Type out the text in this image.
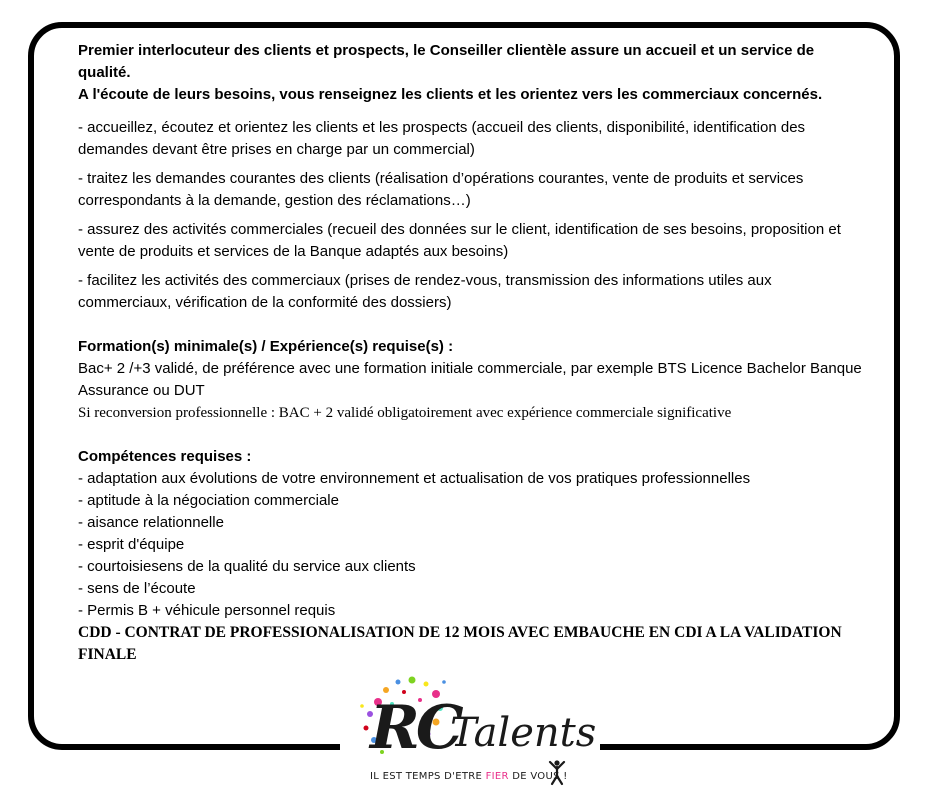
Premier interlocuteur des clients et prospects, le Conseiller clientèle assure un accueil et un service de qualité.

A l'écoute de leurs besoins, vous renseignez les clients et les orientez vers les commerciaux concernés.

- accueillez, écoutez et orientez les clients et les prospects (accueil des clients, disponibilité, identification des demandes devant être prises en charge par un commercial)

- traitez les demandes courantes des clients (réalisation d’opérations courantes, vente de produits et services correspondants à la demande, gestion des réclamations…)

- assurez des activités commerciales (recueil des données sur le client, identification de ses besoins, proposition et vente de produits et services de la Banque adaptés aux besoins)

- facilitez les activités des commerciaux (prises de rendez-vous, transmission des informations utiles aux commerciaux, vérification de la conformité des dossiers)

Formation(s) minimale(s) / Expérience(s) requise(s) :

Bac+ 2 /+3 validé, de préférence avec une formation initiale commerciale, par exemple BTS Licence Bachelor Banque Assurance ou DUT

Si reconversion professionnelle : BAC + 2 validé obligatoirement avec expérience commerciale significative

Compétences requises :

- adaptation aux évolutions de votre environnement et actualisation de vos pratiques professionnelles

- aptitude à la négociation commerciale

- aisance relationnelle

- esprit d'équipe

- courtoisiesens de la qualité du service aux clients

- sens de l’écoute

- Permis B + véhicule personnel requis

CDD - CONTRAT DE PROFESSIONALISATION DE 12 MOIS AVEC EMBAUCHE EN CDI A LA VALIDATION FINALE

RC
Talents
IL EST TEMPS D'ETRE FIER DE VOUS !
